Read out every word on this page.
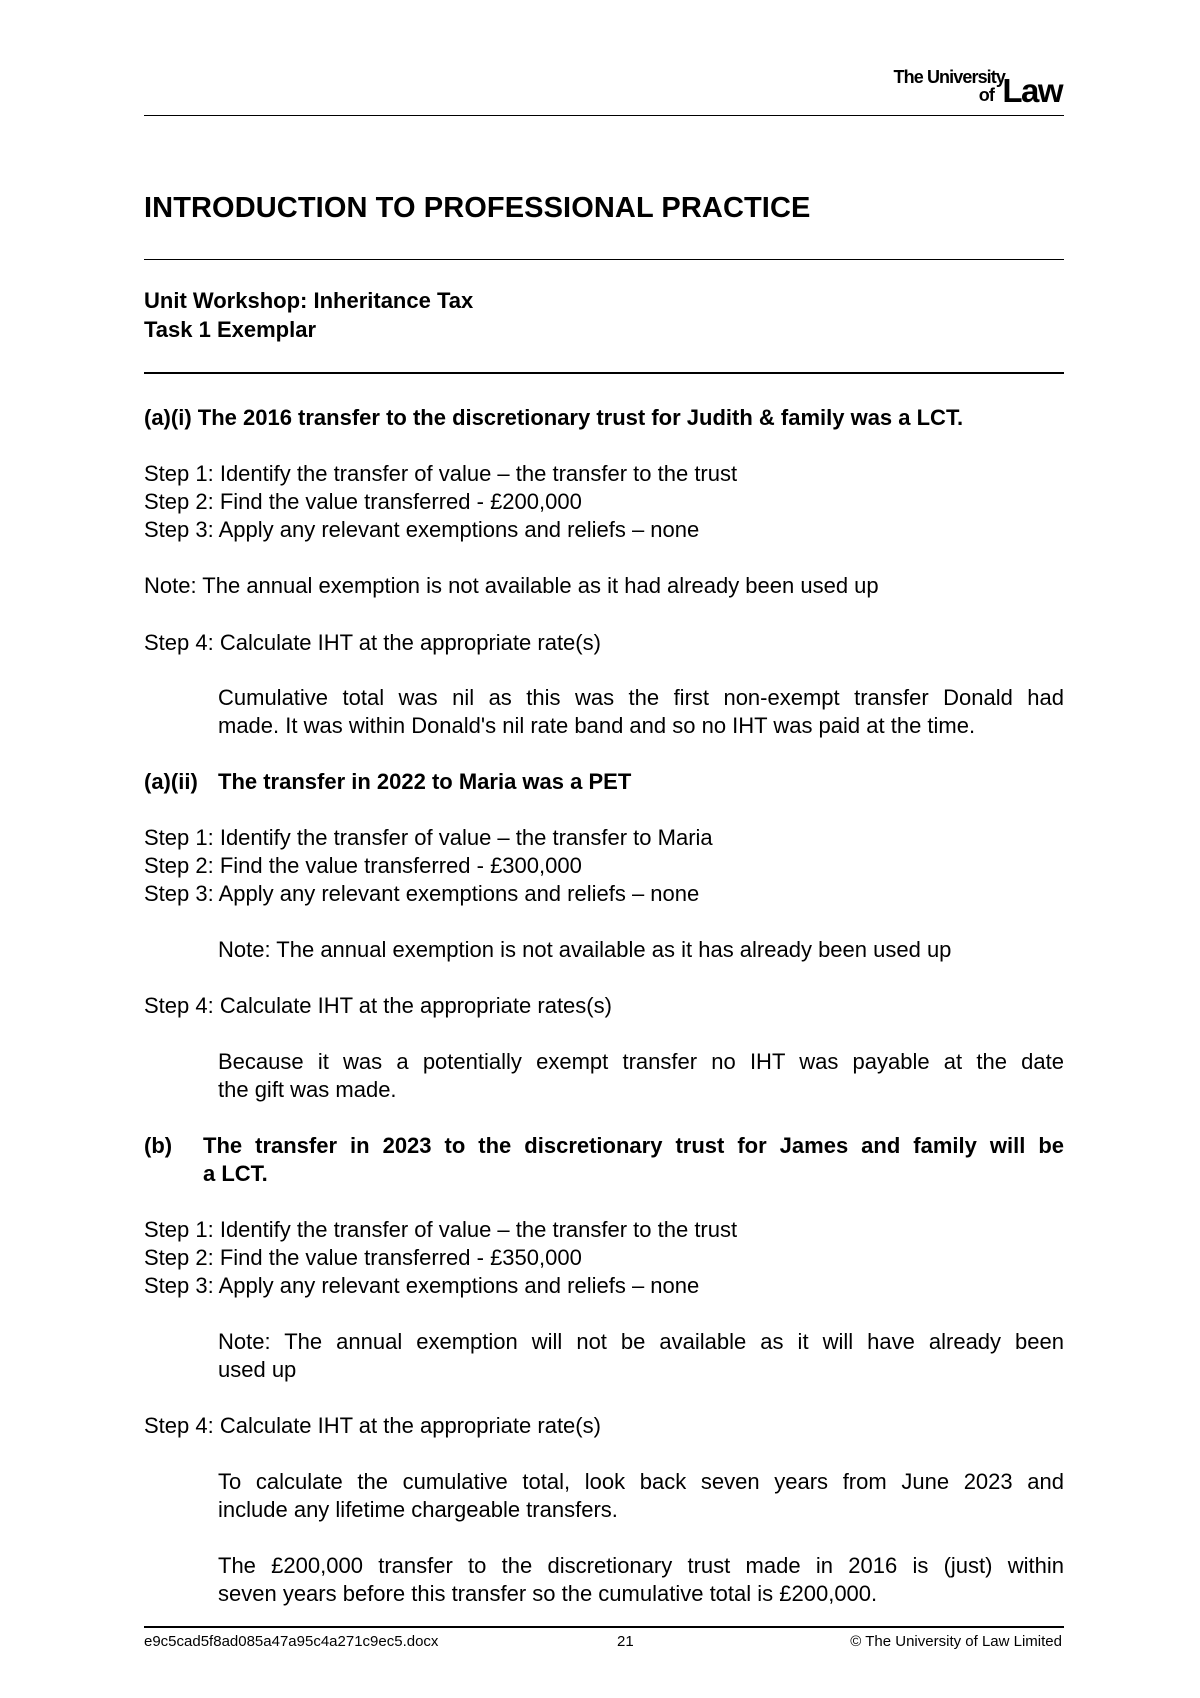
The University
of Law
INTRODUCTION TO PROFESSIONAL PRACTICE
Unit Workshop: Inheritance Tax
Task 1 Exemplar
(a)(i) The 2016 transfer to the discretionary trust for Judith & family was a LCT.
Step 1: Identify the transfer of value – the transfer to the trust
Step 2: Find the value transferred - £200,000
Step 3: Apply any relevant exemptions and reliefs – none
Note: The annual exemption is not available as it had already been used up
Step 4: Calculate IHT at the appropriate rate(s)
Cumulative total was nil as this was the first non-exempt transfer Donald had
made. It was within Donald's nil rate band and so no IHT was paid at the time.
(a)(ii) The transfer in 2022 to Maria was a PET
Step 1: Identify the transfer of value – the transfer to Maria
Step 2: Find the value transferred - £300,000
Step 3: Apply any relevant exemptions and reliefs – none
Note: The annual exemption is not available as it has already been used up
Step 4: Calculate IHT at the appropriate rates(s)
Because it was a potentially exempt transfer no IHT was payable at the date
the gift was made.
(b) The transfer in 2023 to the discretionary trust for James and family will be
a LCT.
Step 1: Identify the transfer of value – the transfer to the trust
Step 2: Find the value transferred - £350,000
Step 3: Apply any relevant exemptions and reliefs – none
Note: The annual exemption will not be available as it will have already been
used up
Step 4: Calculate IHT at the appropriate rate(s)
To calculate the cumulative total, look back seven years from June 2023 and
include any lifetime chargeable transfers.
The £200,000 transfer to the discretionary trust made in 2016 is (just) within
seven years before this transfer so the cumulative total is £200,000.
e9c5cad5f8ad085a47a95c4a271c9ec5.docx	21	© The University of Law Limited
